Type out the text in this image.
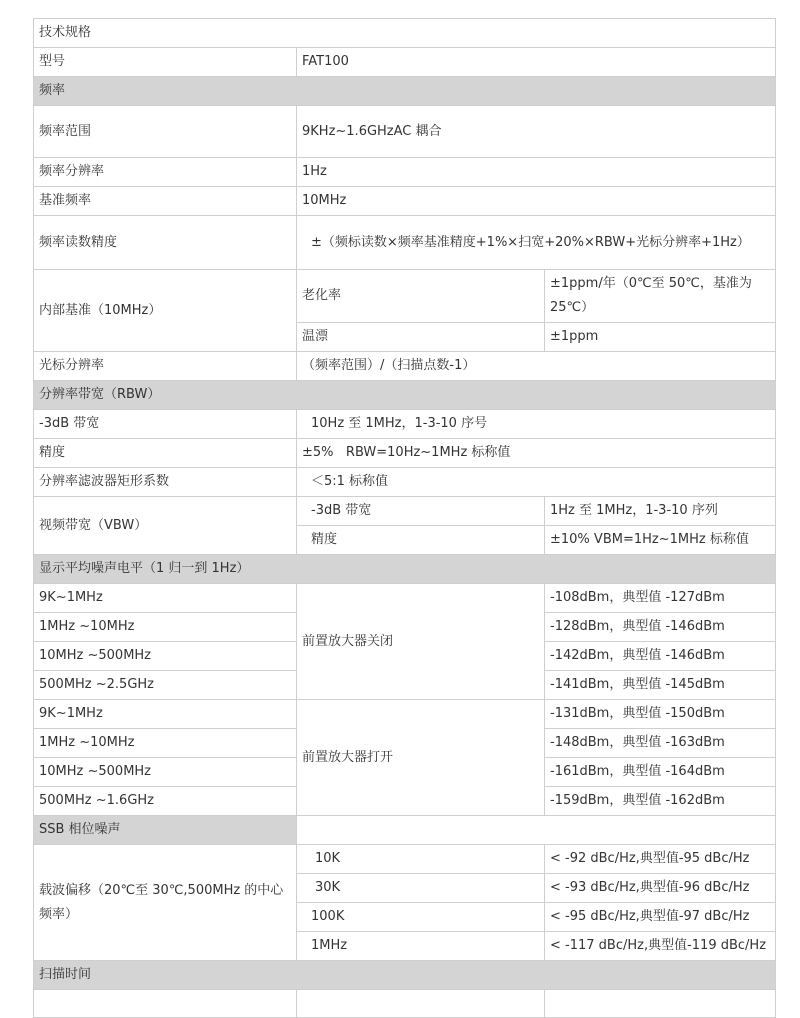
技术规格		
型号	FAT100	
频率		
频率范围	9KHz~1.6GHzAC 耦合	
频率分辨率	1Hz	
基准频率	10MHz	
频率读数精度	±（频标读数×频率基准精度+1%×扫宽+20%×RBW+光标分辨率+1Hz）	
内部基准（10MHz）	老化率	±1ppm/年（0℃至 50℃，基准为 25℃）
	温漂	±1ppm
光标分辨率	（频率范围）/（扫描点数-1）	
分辨率带宽（RBW）		
-3dB 带宽	10Hz 至 1MHz，1-3-10 序号	
精度	±5%   RBW=10Hz~1MHz 标称值	
分辨率滤波器矩形系数	＜5:1 标称值	
视频带宽（VBW）	-3dB 带宽	1Hz 至 1MHz，1-3-10 序列
	精度	±10% VBM=1Hz~1MHz 标称值
显示平均噪声电平（1 归一到 1Hz）		
9K~1MHz	前置放大器关闭	-108dBm，典型值 -127dBm
1MHz ~10MHz		-128dBm，典型值 -146dBm
10MHz ~500MHz		-142dBm，典型值 -146dBm
500MHz ~2.5GHz		-141dBm，典型值 -145dBm
9K~1MHz	前置放大器打开	-131dBm，典型值 -150dBm
1MHz ~10MHz		-148dBm，典型值 -163dBm
10MHz ~500MHz		-161dBm，典型值 -164dBm
500MHz ~1.6GHz		-159dBm，典型值 -162dBm
SSB 相位噪声		
载波偏移（20℃至 30℃,500MHz 的中心频率）	10K	< -92 dBc/Hz,典型值-95 dBc/Hz
	30K	< -93 dBc/Hz,典型值-96 dBc/Hz
	100K	< -95 dBc/Hz,典型值-97 dBc/Hz
	1MHz	< -117 dBc/Hz,典型值-119 dBc/Hz
扫描时间		
